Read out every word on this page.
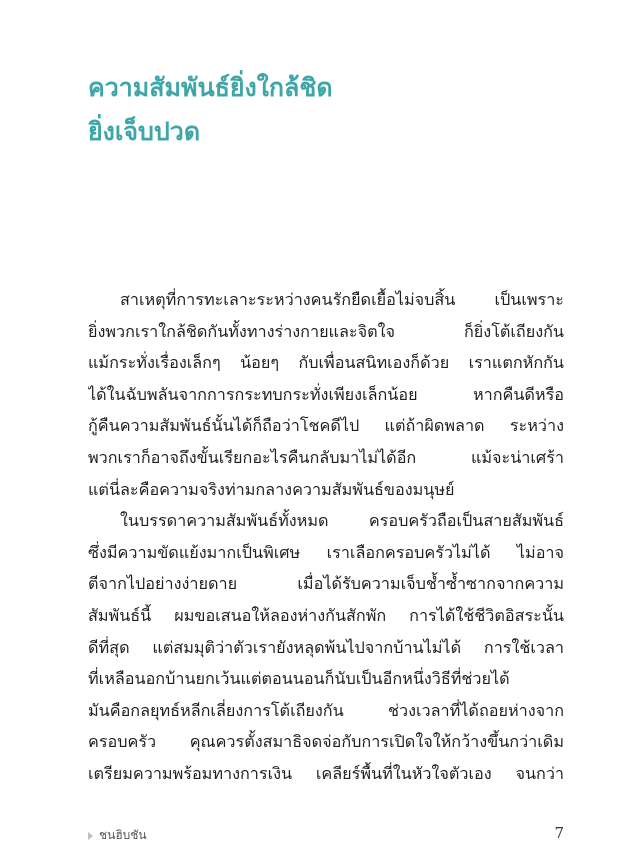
ความสัมพันธ์ยิ่งใกล้ชิด
ยิ่งเจ็บปวด

สาเหตุที่การทะเลาะระหว่างคนรักยืดเยื้อไม่จบสิ้น เป็นเพราะ
ยิ่งพวกเราใกล้ชิดกันทั้งทางร่างกายและจิตใจ ก็ยิ่งโต้เถียงกัน
แม้กระทั่งเรื่องเล็กๆ น้อยๆ กับเพื่อนสนิทเองก็ด้วย เราแตกหักกัน
ได้ในฉับพลันจากการกระทบกระทั่งเพียงเล็กน้อย หากคืนดีหรือ
กู้คืนความสัมพันธ์นั้นได้ก็ถือว่าโชคดีไป แต่ถ้าผิดพลาด ระหว่าง
พวกเราก็อาจถึงขั้นเรียกอะไรคืนกลับมาไม่ได้อีก แม้จะน่าเศร้า
แต่นี่ละคือความจริงท่ามกลางความสัมพันธ์ของมนุษย์

ในบรรดาความสัมพันธ์ทั้งหมด ครอบครัวถือเป็นสายสัมพันธ์
ซึ่งมีความขัดแย้งมากเป็นพิเศษ เราเลือกครอบครัวไม่ได้ ไม่อาจ
ตีจากไปอย่างง่ายดาย เมื่อได้รับความเจ็บช้ำซ้ำซากจากความ
สัมพันธ์นี้ ผมขอเสนอให้ลองห่างกันสักพัก การได้ใช้ชีวิตอิสระนั้น
ดีที่สุด แต่สมมุติว่าตัวเรายังหลุดพ้นไปจากบ้านไม่ได้ การใช้เวลา
ที่เหลือนอกบ้านยกเว้นแต่ตอนนอนก็นับเป็นอีกหนึ่งวิธีที่ช่วยได้
มันคือกลยุทธ์หลีกเลี่ยงการโต้เถียงกัน ช่วงเวลาที่ได้ถอยห่างจาก
ครอบครัว คุณควรตั้งสมาธิจดจ่อกับการเปิดใจให้กว้างขึ้นกว่าเดิม
เตรียมความพร้อมทางการเงิน เคลียร์พื้นที่ในหัวใจตัวเอง จนกว่า

ชนฮิบชัน	7
